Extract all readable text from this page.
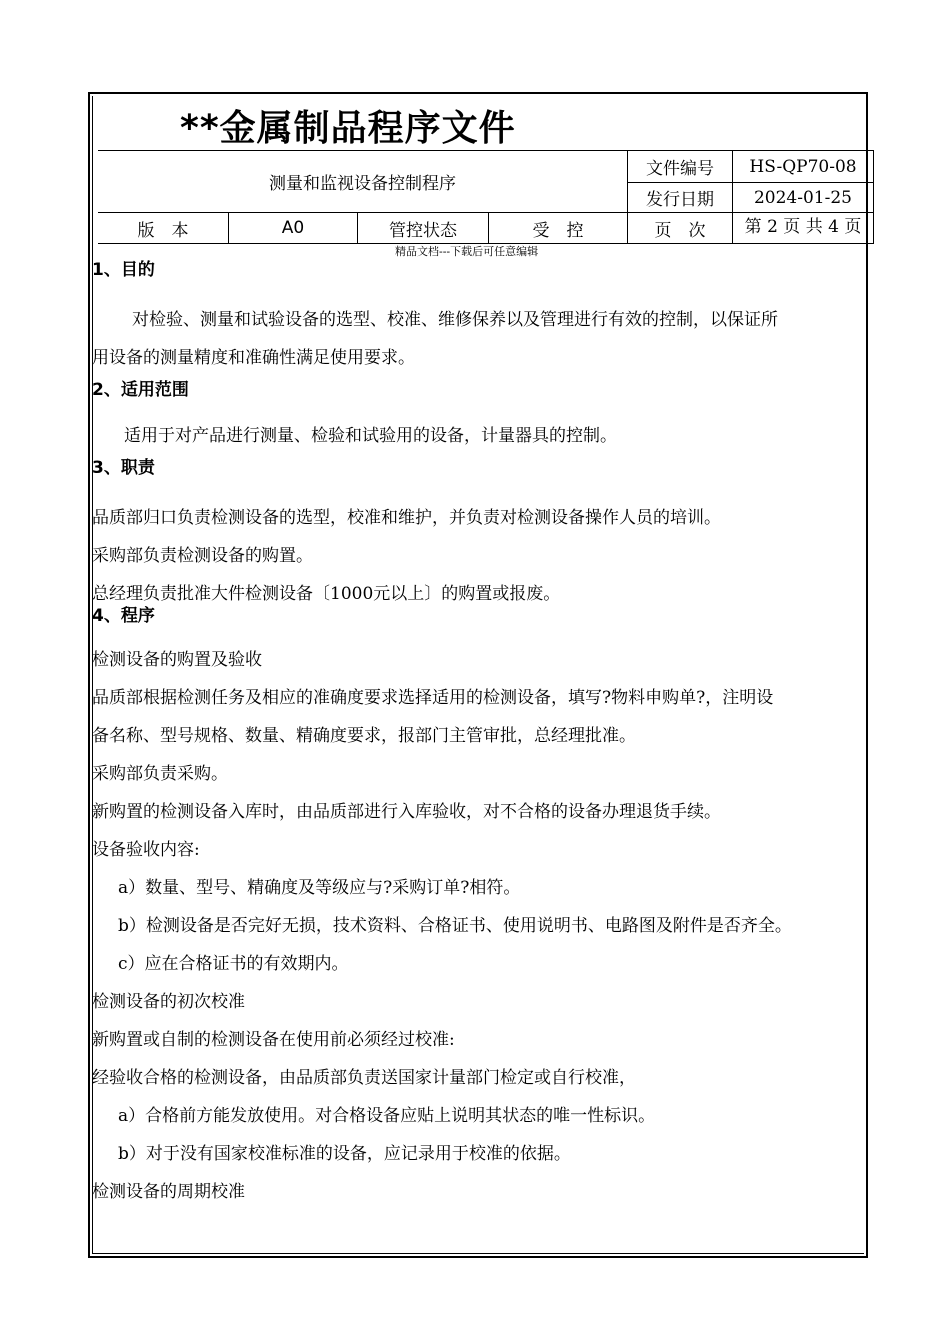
**金属制品程序文件
测量和监视设备控制程序				文件编号	HS-QP70-08
				发行日期	2024-01-25
版　本	A0	管控状态	受　控	页　次	第 2 页 共 4 页
精品文档---下载后可任意编辑
1、目的
对检验、测量和试验设备的选型、校准、维修保养以及管理进行有效的控制，以保证所
用设备的测量精度和准确性满足使用要求。
2、适用范围
适用于对产品进行测量、检验和试验用的设备，计量器具的控制。
3、职责
品质部归口负责检测设备的选型，校准和维护，并负责对检测设备操作人员的培训。
采购部负责检测设备的购置。
总经理负责批准大件检测设备〔1000元以上〕的购置或报废。
4、程序
检测设备的购置及验收
品质部根据检测任务及相应的准确度要求选择适用的检测设备，填写?物料申购单?，注明设
备名称、型号规格、数量、精确度要求，报部门主管审批，总经理批准。
采购部负责采购。
新购置的检测设备入库时，由品质部进行入库验收，对不合格的设备办理退货手续。
设备验收内容:
a）数量、型号、精确度及等级应与?采购订单?相符。
b）检测设备是否完好无损，技术资料、合格证书、使用说明书、电路图及附件是否齐全。
c）应在合格证书的有效期内。
检测设备的初次校准
新购置或自制的检测设备在使用前必须经过校准:
经验收合格的检测设备，由品质部负责送国家计量部门检定或自行校准，
a）合格前方能发放使用。对合格设备应贴上说明其状态的唯一性标识。
b）对于没有国家校准标准的设备，应记录用于校准的依据。
检测设备的周期校准
